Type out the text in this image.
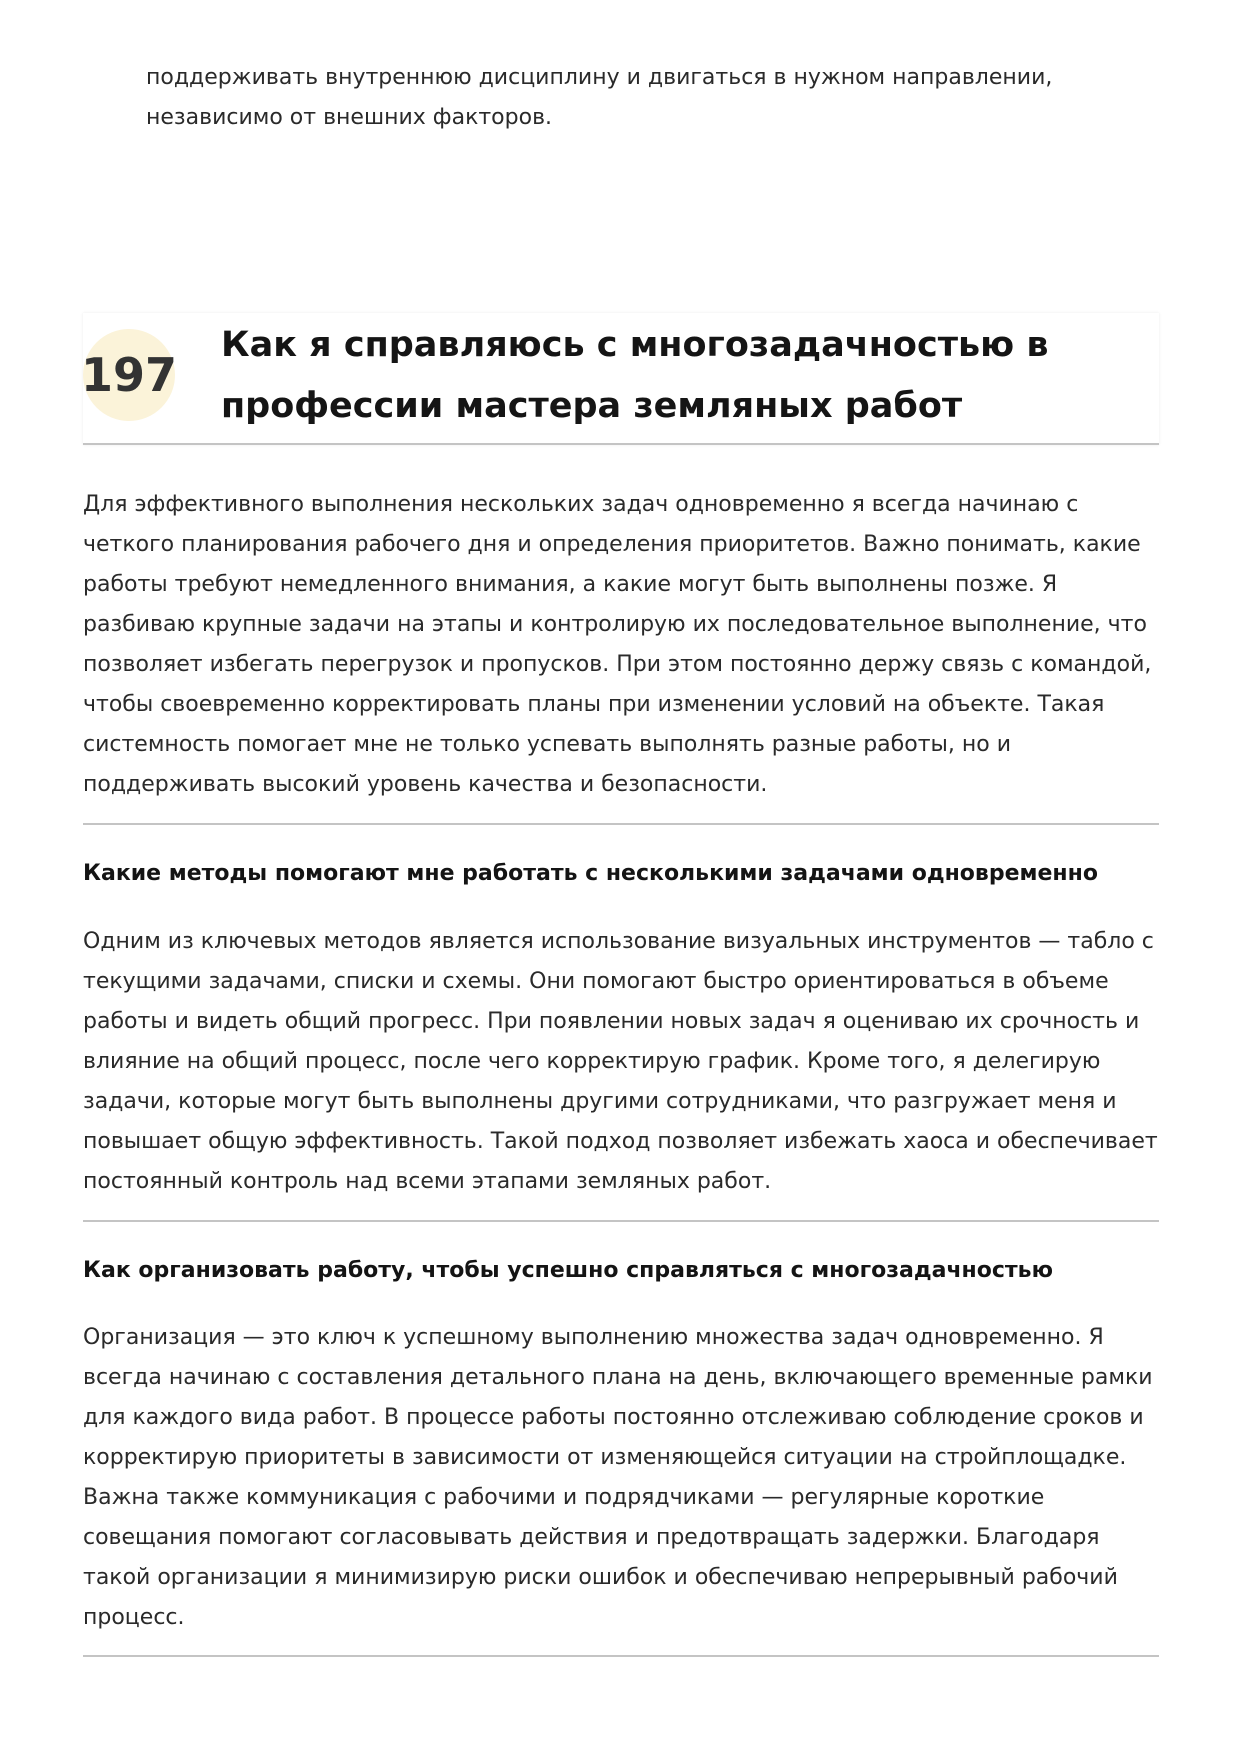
поддерживать внутреннюю дисциплину и двигаться в нужном направлении, независимо от внешних факторов.

197
Как я справляюсь с многозадачностью в профессии мастера земляных работ

Для эффективного выполнения нескольких задач одновременно я всегда начинаю с четкого планирования рабочего дня и определения приоритетов. Важно понимать, какие работы требуют немедленного внимания, а какие могут быть выполнены позже. Я разбиваю крупные задачи на этапы и контролирую их последовательное выполнение, что позволяет избегать перегрузок и пропусков. При этом постоянно держу связь с командой, чтобы своевременно корректировать планы при изменении условий на объекте. Такая системность помогает мне не только успевать выполнять разные работы, но и поддерживать высокий уровень качества и безопасности.

Какие методы помогают мне работать с несколькими задачами одновременно

Одним из ключевых методов является использование визуальных инструментов — табло с текущими задачами, списки и схемы. Они помогают быстро ориентироваться в объеме работы и видеть общий прогресс. При появлении новых задач я оцениваю их срочность и влияние на общий процесс, после чего корректирую график. Кроме того, я делегирую задачи, которые могут быть выполнены другими сотрудниками, что разгружает меня и повышает общую эффективность. Такой подход позволяет избежать хаоса и обеспечивает постоянный контроль над всеми этапами земляных работ.

Как организовать работу, чтобы успешно справляться с многозадачностью

Организация — это ключ к успешному выполнению множества задач одновременно. Я всегда начинаю с составления детального плана на день, включающего временные рамки для каждого вида работ. В процессе работы постоянно отслеживаю соблюдение сроков и корректирую приоритеты в зависимости от изменяющейся ситуации на стройплощадке. Важна также коммуникация с рабочими и подрядчиками — регулярные короткие совещания помогают согласовывать действия и предотвращать задержки. Благодаря такой организации я минимизирую риски ошибок и обеспечиваю непрерывный рабочий процесс.
